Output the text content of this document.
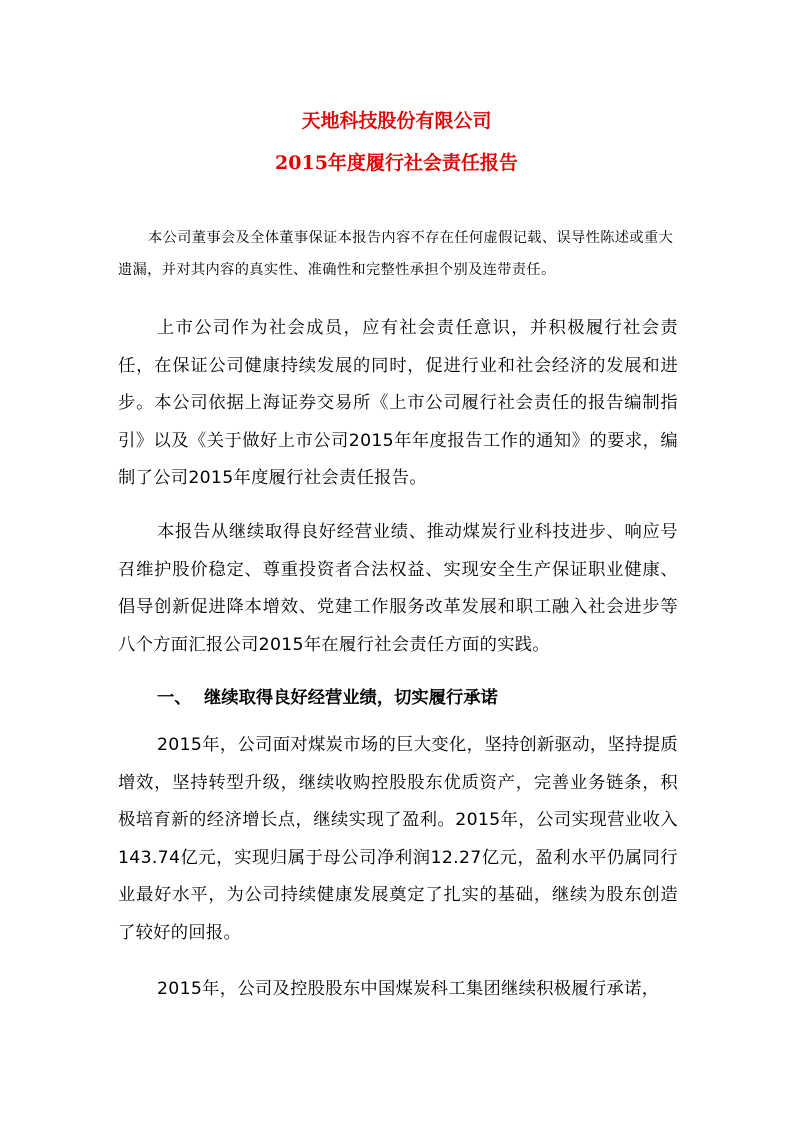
天地科技股份有限公司
2015年度履行社会责任报告

本公司董事会及全体董事保证本报告内容不存在任何虚假记载、误导性陈述或重大遗漏，并对其内容的真实性、准确性和完整性承担个别及连带责任。

上市公司作为社会成员，应有社会责任意识，并积极履行社会责任，在保证公司健康持续发展的同时，促进行业和社会经济的发展和进步。本公司依据上海证券交易所《上市公司履行社会责任的报告编制指引》以及《关于做好上市公司2015年年度报告工作的通知》的要求，编制了公司2015年度履行社会责任报告。

本报告从继续取得良好经营业绩、推动煤炭行业科技进步、响应号召维护股价稳定、尊重投资者合法权益、实现安全生产保证职业健康、倡导创新促进降本增效、党建工作服务改革发展和职工融入社会进步等八个方面汇报公司2015年在履行社会责任方面的实践。

一、 继续取得良好经营业绩，切实履行承诺

2015年，公司面对煤炭市场的巨大变化，坚持创新驱动，坚持提质增效，坚持转型升级，继续收购控股股东优质资产，完善业务链条，积极培育新的经济增长点，继续实现了盈利。2015年，公司实现营业收入143.74亿元，实现归属于母公司净利润12.27亿元，盈利水平仍属同行业最好水平，为公司持续健康发展奠定了扎实的基础，继续为股东创造了较好的回报。

2015年，公司及控股股东中国煤炭科工集团继续积极履行承诺，
